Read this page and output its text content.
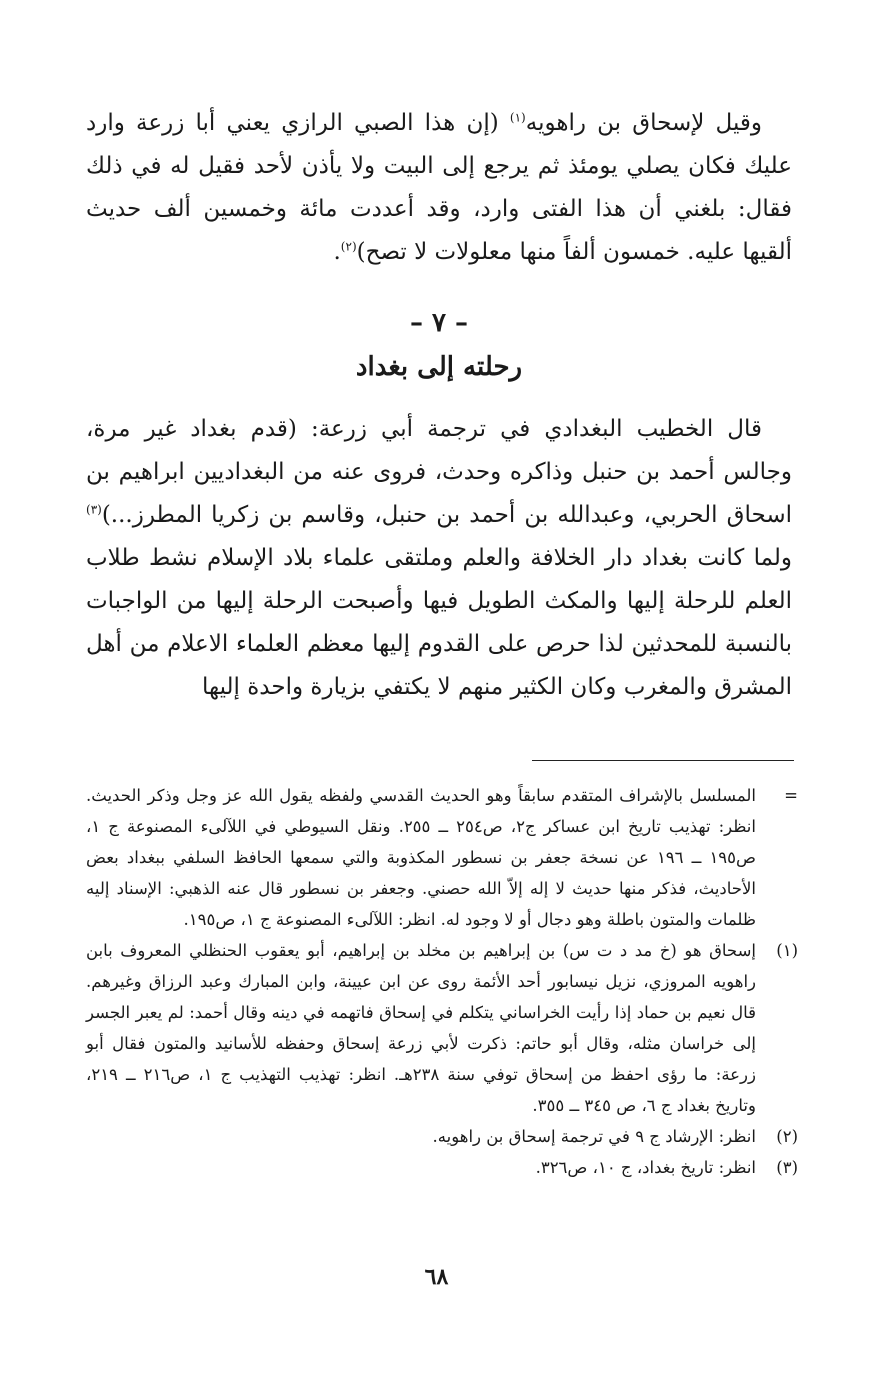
وقيل لإسحاق بن راهويه$^{(١)}$ (إن هذا الصبي الرازي يعني أبا زرعة وارد عليك فكان يصلي يومئذ ثم يرجع إلى البيت ولا يأذن لأحد فقيل له في ذلك فقال: بلغني أن هذا الفتى وارد، وقد أعددت مائة وخمسين ألف حديث ألقيها عليه. خمسون ألفاً منها معلولات لا تصح)$^{(٢)}$.

– ٧ –
رحلته إلى بغداد

قال الخطيب البغدادي في ترجمة أبي زرعة: (قدم بغداد غير مرة، وجالس أحمد بن حنبل وذاكره وحدث، فروى عنه من البغداديين ابراهيم بن اسحاق الحربي، وعبدالله بن أحمد بن حنبل، وقاسم بن زكريا المطرز...)$^{(٣)}$ ولما كانت بغداد دار الخلافة والعلم وملتقى علماء بلاد الإسلام نشط طلاب العلم للرحلة إليها والمكث الطويل فيها وأصبحت الرحلة إليها من الواجبات بالنسبة للمحدثين لذا حرص على القدوم إليها معظم العلماء الاعلام من أهل المشرق والمغرب وكان الكثير منهم لا يكتفي بزيارة واحدة إليها

=
المسلسل بالإشراف المتقدم سابقاً وهو الحديث القدسي ولفظه يقول الله عز وجل وذكر الحديث. انظر: تهذيب تاريخ ابن عساكر ج٢، ص٢٥٤ ــ ٢٥٥. ونقل السيوطي في اللآلىء المصنوعة ج ١، ص١٩٥ ــ ١٩٦ عن نسخة جعفر بن نسطور المكذوبة والتي سمعها الحافظ السلفي ببغداد بعض الأحاديث، فذكر منها حديث لا إله إلاّ الله حصني. وجعفر بن نسطور قال عنه الذهبي: الإسناد إليه ظلمات والمتون باطلة وهو دجال أو لا وجود له. انظر: اللآلىء المصنوعة ج ١، ص١٩٥.
(١)
إسحاق هو (خ مد د ت س) بن إبراهيم بن مخلد بن إبراهيم، أبو يعقوب الحنظلي المعروف بابن راهويه المروزي، نزيل نيسابور أحد الأئمة روى عن ابن عيينة، وابن المبارك وعبد الرزاق وغيرهم. قال نعيم بن حماد إذا رأيت الخراساني يتكلم في إسحاق فاتهمه في دينه وقال أحمد: لم يعبر الجسر إلى خراسان مثله، وقال أبو حاتم: ذكرت لأبي زرعة إسحاق وحفظه للأسانيد والمتون فقال أبو زرعة: ما رؤى احفظ من إسحاق توفي سنة ٢٣٨هـ. انظر: تهذيب التهذيب ج ١، ص٢١٦ ــ ٢١٩، وتاريخ بغداد ج ٦، ص ٣٤٥ ــ ٣٥٥.
(٢)
انظر: الإرشاد ج ٩ في ترجمة إسحاق بن راهويه.
(٣)
انظر: تاريخ بغداد، ج ١٠، ص٣٢٦.
٦٨
